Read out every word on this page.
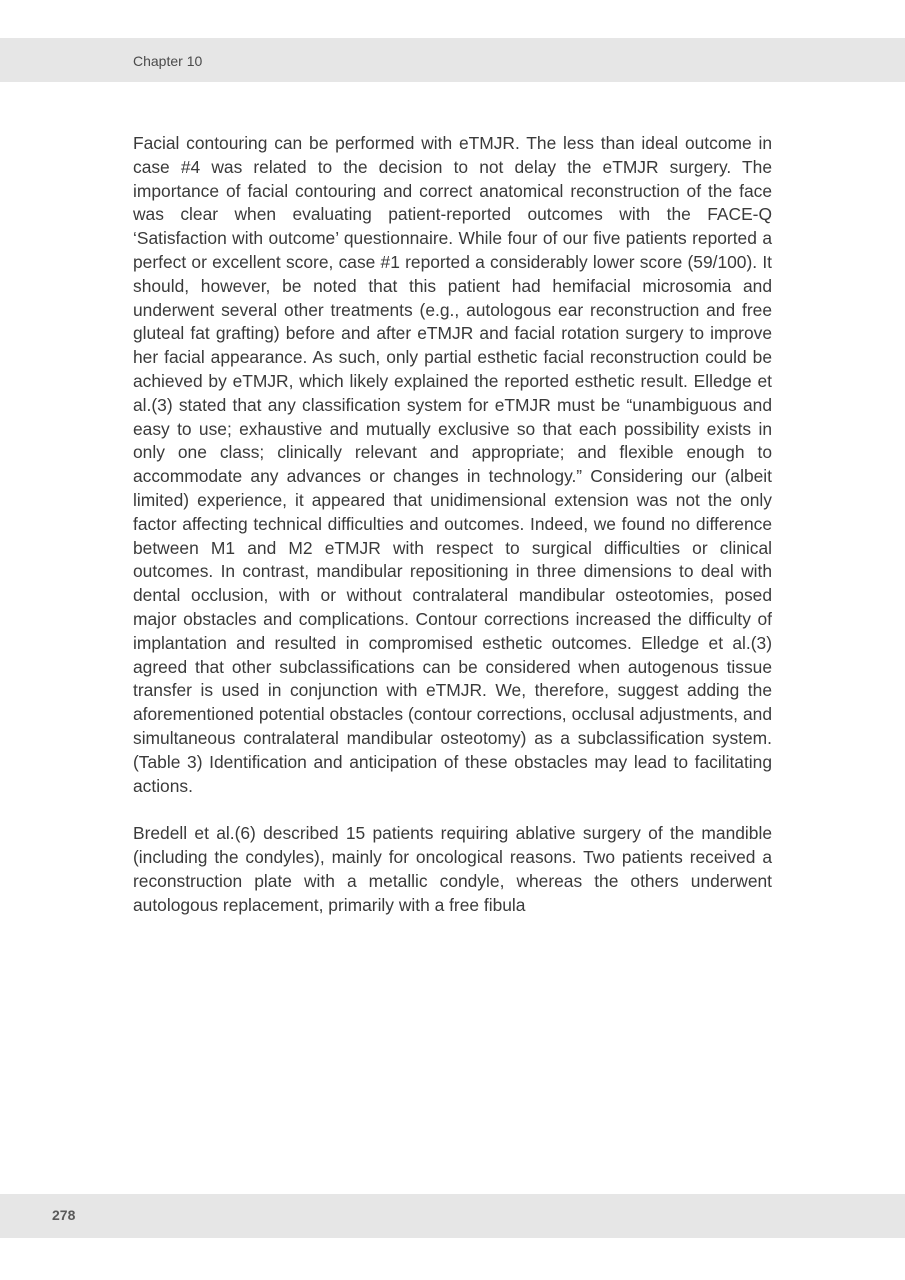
Chapter 10

Facial contouring can be performed with eTMJR. The less than ideal outcome in case #4 was related to the decision to not delay the eTMJR surgery. The importance of facial contouring and correct anatomical reconstruction of the face was clear when evaluating patient-reported outcomes with the FACE-Q ‘Satisfaction with outcome’ questionnaire. While four of our five patients reported a perfect or excellent score, case #1 reported a considerably lower score (59/100). It should, however, be noted that this patient had hemifacial microsomia and underwent several other treatments (e.g., autologous ear reconstruction and free gluteal fat grafting) before and after eTMJR and facial rotation surgery to improve her facial appearance. As such, only partial esthetic facial reconstruction could be achieved by eTMJR, which likely explained the reported esthetic result. Elledge et al.(3) stated that any classification system for eTMJR must be “unambiguous and easy to use; exhaustive and mutually exclusive so that each possibility exists in only one class; clinically relevant and appropriate; and flexible enough to accommodate any advances or changes in technology.” Considering our (albeit limited) experience, it appeared that unidimensional extension was not the only factor affecting technical difficulties and outcomes. Indeed, we found no difference between M1 and M2 eTMJR with respect to surgical difficulties or clinical outcomes. In contrast, mandibular repositioning in three dimensions to deal with dental occlusion, with or without contralateral mandibular osteotomies, posed major obstacles and complications. Contour corrections increased the difficulty of implantation and resulted in compromised esthetic outcomes. Elledge et al.(3) agreed that other subclassifications can be considered when autogenous tissue transfer is used in conjunction with eTMJR. We, therefore, suggest adding the aforementioned potential obstacles (contour corrections, occlusal adjustments, and simultaneous contralateral mandibular osteotomy) as a subclassification system. (Table 3) Identification and anticipation of these obstacles may lead to facilitating actions.

Bredell et al.(6) described 15 patients requiring ablative surgery of the mandible (including the condyles), mainly for oncological reasons. Two patients received a reconstruction plate with a metallic condyle, whereas the others underwent autologous replacement, primarily with a free fibula

278
